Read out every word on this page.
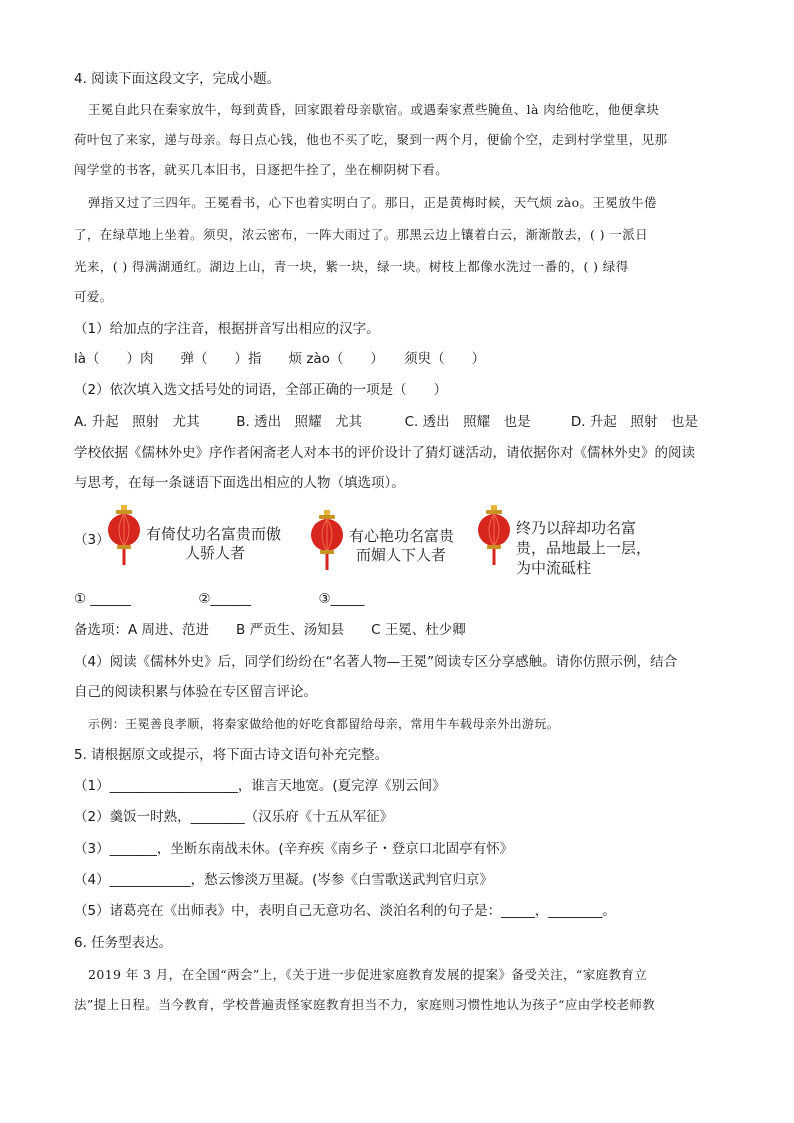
4. 阅读下面这段文字，完成小题。
王冕自此只在秦家放牛，每到黄昏，回家跟着母亲歇宿。或遇秦家煮些腌鱼、là 肉给他吃，他便拿块
荷叶包了来家，递与母亲。每日点心钱，他也不买了吃，聚到一两个月，便偷个空，走到村学堂里，见那
闯学堂的书客，就买几本旧书，日逐把牛拴了，坐在柳阴树下看。
弹指又过了三四年。王冕看书，心下也着实明白了。那日，正是黄梅时候，天气烦 zào。王冕放牛倦
了，在绿草地上坐着。须臾，浓云密布，一阵大雨过了。那黑云边上镶着白云，渐渐散去，( ) 一派日
光来，( ) 得满湖通红。湖边上山，青一块，紫一块，绿一块。树枝上都像水洗过一番的，( ) 绿得
可爱。
（1）给加点的字注音，根据拼音写出相应的汉字。
là（　　）肉　　弹（　　）指　　烦 zào（　　）　　须臾（　　）
（2）依次填入选文括号处的词语，全部正确的一项是（　　）
A. 升起　照射　尤其	B. 透出　照耀　尤其	C. 透出　照耀　也是	D. 升起　照射　也是
学校依据《儒林外史》序作者闲斋老人对本书的评价设计了猜灯谜活动，请依据你对《儒林外史》的阅读
与思考，在每一条谜语下面选出相应的人物（填选项）。
（3） 有倚仗功名富贵而傲
人骄人者
有心艳功名富贵
而媚人下人者
终乃以辞却功名富
贵，品地最上一层，
为中流砥柱
① ______　　　　　②______　　　　　③_____
备选项：A 周进、范进　　B 严贡生、汤知县　　C 王冕、杜少卿
（4）阅读《儒林外史》后，同学们纷纷在“名著人物—王冕”阅读专区分享感触。请你仿照示例，结合
自己的阅读积累与体验在专区留言评论。
示例：王冕善良孝顺，将秦家做给他的好吃食都留给母亲，常用牛车载母亲外出游玩。
5. 请根据原文或提示，将下面古诗文语句补充完整。
（1）___________________，谁言天地宽。(夏完淳《别云间》
（2）羹饭一时熟，________（汉乐府《十五从军征》
（3）_______，坐断东南战未休。(辛弃疾《南乡子・登京口北固亭有怀》
（4）____________，愁云惨淡万里凝。(岑参《白雪歌送武判官归京》
（5）诸葛亮在《出师表》中，表明自己无意功名、淡泊名利的句子是：_____，________。
6. 任务型表达。
2019 年 3 月，在全国“两会”上，《关于进一步促进家庭教育发展的提案》备受关注，“家庭教育立
法”提上日程。当今教育，学校普遍责怪家庭教育担当不力，家庭则习惯性地认为孩子“应由学校老师教
